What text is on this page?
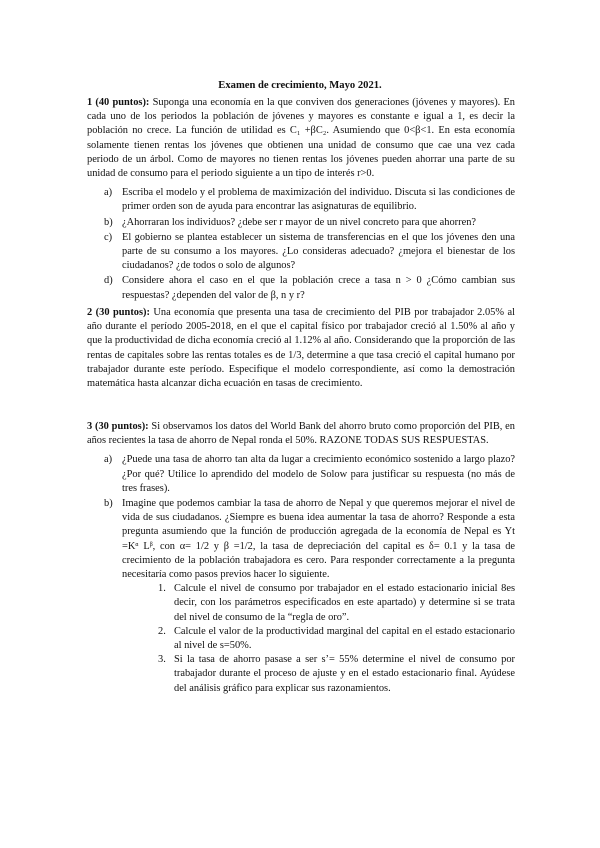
Examen de crecimiento, Mayo 2021.

1 (40 puntos): Suponga una economía en la que conviven dos generaciones (jóvenes y mayores). En cada uno de los periodos la población de jóvenes y mayores es constante e igual a 1, es decir la población no crece. La función de utilidad es C₁ +βC₂. Asumiendo que 0<β<1. En esta economía solamente tienen rentas los jóvenes que obtienen una unidad de consumo que cae una vez cada periodo de un árbol. Como de mayores no tienen rentas los jóvenes pueden ahorrar una parte de su unidad de consumo para el periodo siguiente a un tipo de interés r>0.

a) Escriba el modelo y el problema de maximización del individuo. Discuta si las condiciones de primer orden son de ayuda para encontrar las asignaturas de equilibrio.
b) ¿Ahorraran los individuos? ¿debe ser r mayor de un nivel concreto para que ahorren?
c) El gobierno se plantea establecer un sistema de transferencias en el que los jóvenes den una parte de su consumo a los mayores. ¿Lo consideras adecuado? ¿mejora el bienestar de los ciudadanos? ¿de todos o solo de algunos?
d) Considere ahora el caso en el que la población crece a tasa n > 0 ¿Cómo cambian sus respuestas? ¿dependen del valor de β, n y r?

2 (30 puntos): Una economía que presenta una tasa de crecimiento del PIB por trabajador 2.05% al año durante el período 2005-2018, en el que el capital físico por trabajador creció al 1.50% al año y que la productividad de dicha economía creció al 1.12% al año. Considerando que la proporción de las rentas de capitales sobre las rentas totales es de 1/3, determine a que tasa creció el capital humano por trabajador durante este período. Especifique el modelo correspondiente, así como la demostración matemática hasta alcanzar dicha ecuación en tasas de crecimiento.

3 (30 puntos): Si observamos los datos del World Bank del ahorro bruto como proporción del PIB, en años recientes la tasa de ahorro de Nepal ronda el 50%. RAZONE TODAS SUS RESPUESTAS.

a) ¿Puede una tasa de ahorro tan alta da lugar a crecimiento económico sostenido a largo plazo? ¿Por qué? Utilice lo aprendido del modelo de Solow para justificar su respuesta (no más de tres frases).
b) Imagine que podemos cambiar la tasa de ahorro de Nepal y que queremos mejorar el nivel de vida de sus ciudadanos. ¿Siempre es buena idea aumentar la tasa de ahorro? Responde a esta pregunta asumiendo que la función de producción agregada de la economía de Nepal es Yt =Kᵅ Lᵝ, con α= 1/2 y β =1/2, la tasa de depreciación del capital es δ= 0.1 y la tasa de crecimiento de la población trabajadora es cero. Para responder correctamente a la pregunta necesitaría como pasos previos hacer lo siguiente.
1. Calcule el nivel de consumo por trabajador en el estado estacionario inicial 8es decir, con los parámetros especificados en este apartado) y determine si se trata del nivel de consumo de la “regla de oro”.
2. Calcule el valor de la productividad marginal del capital en el estado estacionario al nivel de s=50%.
3. Si la tasa de ahorro pasase a ser s’= 55% determine el nivel de consumo por trabajador durante el proceso de ajuste y en el estado estacionario final. Ayúdese del análisis gráfico para explicar sus razonamientos.
